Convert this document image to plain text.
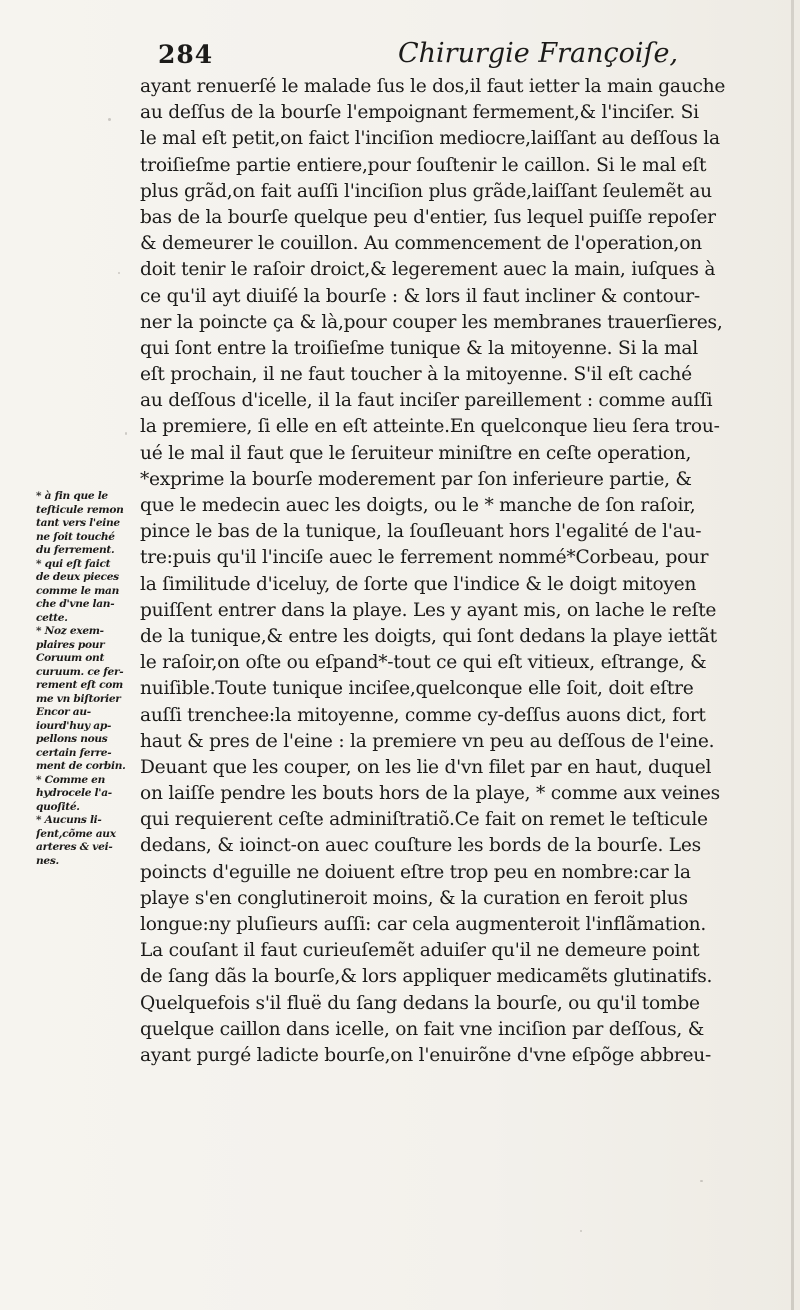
284	Chirurgie Françoiſe,
ayant renuerſé le malade ſus le dos,il faut ietter la main gauche
au deſſus de la bourſe l'empoignant fermement,& l'inciſer. Si
le mal eſt petit,on faict l'inciſion mediocre,laiſſant au deſſous la
troiſieſme partie entiere,pour ſouſtenir le caillon. Si le mal eſt
plus grãd,on fait auſſi l'inciſion plus grãde,laiſſant ſeulemẽt au
bas de la bourſe quelque peu d'entier, ſus lequel puiſſe repoſer
& demeurer le couillon. Au commencement de l'operation,on
doit tenir le raſoir droict,& legerement auec la main, iuſques à
ce qu'il ayt diuiſé la bourſe : & lors il faut incliner & contour-
ner la poincte ça & là,pour couper les membranes trauerſieres,
qui ſont entre la troiſieſme tunique & la mitoyenne. Si la mal
eſt prochain, il ne faut toucher à la mitoyenne. S'il eſt caché
au deſſous d'icelle, il la faut inciſer pareillement : comme auſſi
la premiere, ſi elle en eſt atteinte.En quelconque lieu ſera trou-
ué le mal il faut que le ſeruiteur miniſtre en ceſte operation,
*exprime la bourſe moderement par ſon inferieure partie, &
que le medecin auec les doigts, ou le * manche de ſon raſoir,
pince le bas de la tunique, la ſouſleuant hors l'egalité de l'au-
tre:puis qu'il l'inciſe auec le ferrement nommé*Corbeau, pour
la ſimilitude d'iceluy, de ſorte que l'indice & le doigt mitoyen
puiſſent entrer dans la playe. Les y ayant mis, on lache le reſte
de la tunique,& entre les doigts, qui ſont dedans la playe iettãt
le raſoir,on oſte ou eſpand*-tout ce qui eſt vitieux, eſtrange, &
nuiſible.Toute tunique inciſee,quelconque elle ſoit, doit eſtre
auſſi trenchee:la mitoyenne, comme cy-deſſus auons dict, fort
haut & pres de l'eine : la premiere vn peu au deſſous de l'eine.
Deuant que les couper, on les lie d'vn filet par en haut, duquel
on laiſſe pendre les bouts hors de la playe, * comme aux veines
qui requierent ceſte adminiſtratiõ.Ce fait on remet le teſticule
dedans, & ioinct-on auec couſture les bords de la bourſe. Les
poincts d'eguille ne doiuent eſtre trop peu en nombre:car la
playe s'en conglutineroit moins, & la curation en feroit plus
longue:ny pluſieurs auſſi: car cela augmenteroit l'inflãmation.
La couſant il faut curieuſemẽt aduiſer qu'il ne demeure point
de ſang dãs la bourſe,& lors appliquer medicamẽts glutinatifs.
Quelquefois s'il fluë du ſang dedans la bourſe, ou qu'il tombe
quelque caillon dans icelle, on fait vne inciſion par deſſous, &
ayant purgé ladicte bourſe,on l'enuirõne d'vne eſpõge abbreu-
* à fin que le
teſticule remon
tant vers l'eine
ne ſoit touché
du ferrement.
* qui eſt faict
de deux pieces
comme le man
che d'vne lan-
cette.
* Noz exem-
plaires pour
Coruum ont
curuum. ce fer-
rement eſt com
me vn biſtorier
Encor au-
iourd'huy ap-
pellons nous
certain ferre-
ment de corbin.
* Comme en
hydrocele l'a-
quoſité.
* Aucuns li-
ſent,cõme aux
arteres & vei-
nes.
